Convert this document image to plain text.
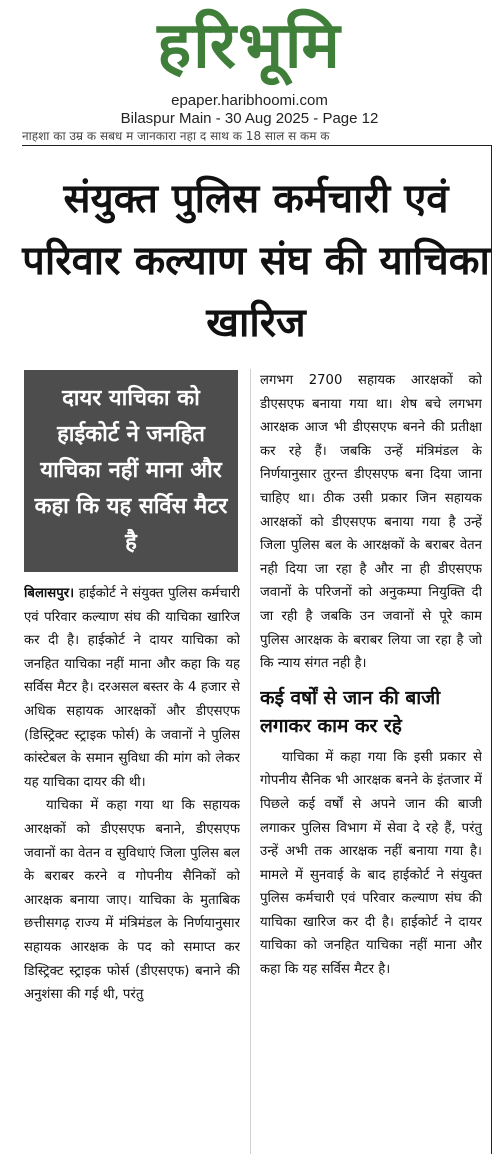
हरिभूमि
epaper.haribhoomi.com
Bilaspur Main - 30 Aug 2025 - Page 12
नाहशा का उम्र क सबध म जानकारा नहा द साथ क 18 साल स कम क
संयुक्त पुलिस कर्मचारी एवं परिवार कल्याण संघ की याचिका खारिज
दायर याचिका को हाईकोर्ट ने जनहित याचिका नहीं माना और कहा कि यह सर्विस मैटर है

बिलासपुर। हाईकोर्ट ने संयुक्त पुलिस कर्मचारी एवं परिवार कल्याण संघ की याचिका खारिज कर दी है। हाईकोर्ट ने दायर याचिका को जनहित याचिका नहीं माना और कहा कि यह सर्विस मैटर है। दरअसल बस्तर के 4 हजार से अधिक सहायक आरक्षकों और डीएसएफ (डिस्ट्रिक्ट स्ट्राइक फोर्स) के जवानों ने पुलिस कांस्टेबल के समान सुविधा की मांग को लेकर यह याचिका दायर की थी।

याचिका में कहा गया था कि सहायक आरक्षकों को डीएसएफ बनाने, डीएसएफ जवानों का वेतन व सुविधाएं जिला पुलिस बल के बराबर करने व गोपनीय सैनिकों को आरक्षक बनाया जाए। याचिका के मुताबिक छत्तीसगढ़ राज्य में मंत्रिमंडल के निर्णयानुसार सहायक आरक्षक के पद को समाप्त कर डिस्ट्रिक्ट स्ट्राइक फोर्स (डीएसएफ) बनाने की अनुशंसा की गई थी, परंतु

लगभग 2700 सहायक आरक्षकों को डीएसएफ बनाया गया था। शेष बचे लगभग आरक्षक आज भी डीएसएफ बनने की प्रतीक्षा कर रहे हैं। जबकि उन्हें मंत्रिमंडल के निर्णयानुसार तुरन्त डीएसएफ बना दिया जाना चाहिए था। ठीक उसी प्रकार जिन सहायक आरक्षकों को डीएसएफ बनाया गया है उन्हें जिला पुलिस बल के आरक्षकों के बराबर वेतन नही दिया जा रहा है और ना ही डीएसएफ जवानों के परिजनों को अनुकम्पा नियुक्ति दी जा रही है जबकि उन जवानों से पूरे काम पुलिस आरक्षक के बराबर लिया जा रहा है जो कि न्याय संगत नही है।

कई वर्षों से जान की बाजी लगाकर काम कर रहे

याचिका में कहा गया कि इसी प्रकार से गोपनीय सैनिक भी आरक्षक बनने के इंतजार में पिछले कई वर्षों से अपने जान की बाजी लगाकर पुलिस विभाग में सेवा दे रहे हैं, परंतु उन्हें अभी तक आरक्षक नहीं बनाया गया है। मामले में सुनवाई के बाद हाईकोर्ट ने संयुक्त पुलिस कर्मचारी एवं परिवार कल्याण संघ की याचिका खारिज कर दी है। हाईकोर्ट ने दायर याचिका को जनहित याचिका नहीं माना और कहा कि यह सर्विस मैटर है।
